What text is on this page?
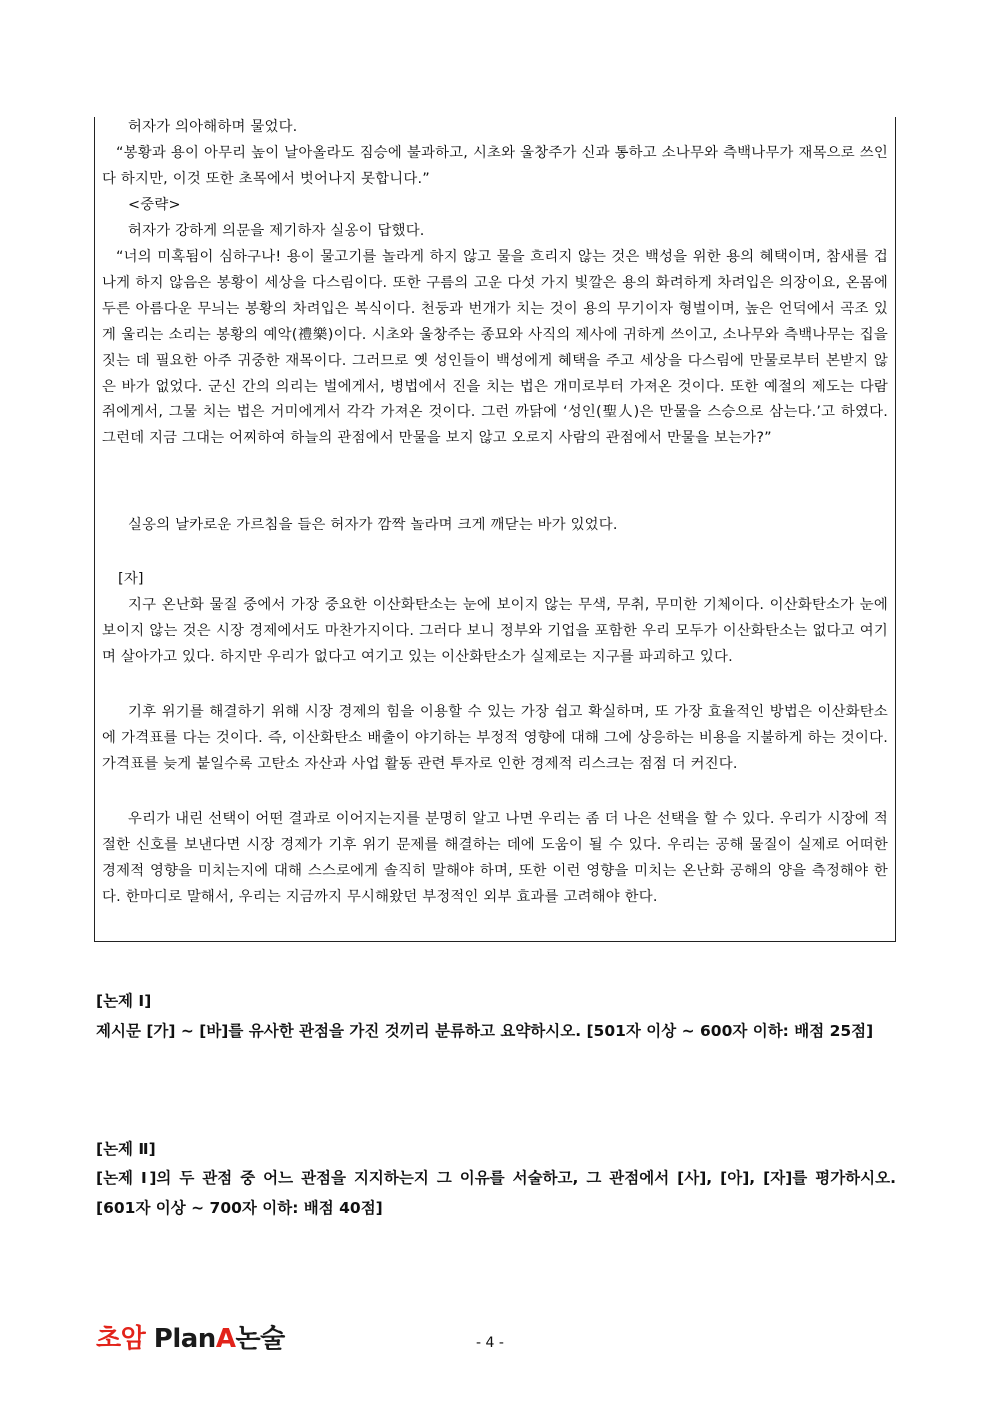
허자가 의아해하며 물었다.

“봉황과 용이 아무리 높이 날아올라도 짐승에 불과하고, 시초와 울창주가 신과 통하고 소나무와 측백나무가 재목으로 쓰인다 하지만, 이것 또한 초목에서 벗어나지 못합니다.”

<중략>

허자가 강하게 의문을 제기하자 실옹이 답했다.

“너의 미혹됨이 심하구나! 용이 물고기를 놀라게 하지 않고 물을 흐리지 않는 것은 백성을 위한 용의 혜택이며, 참새를 겁나게 하지 않음은 봉황이 세상을 다스림이다. 또한 구름의 고운 다섯 가지 빛깔은 용의 화려하게 차려입은 의장이요, 온몸에 두른 아름다운 무늬는 봉황의 차려입은 복식이다. 천둥과 번개가 치는 것이 용의 무기이자 형벌이며, 높은 언덕에서 곡조 있게 울리는 소리는 봉황의 예악(禮樂)이다. 시초와 울창주는 종묘와 사직의 제사에 귀하게 쓰이고, 소나무와 측백나무는 집을 짓는 데 필요한 아주 귀중한 재목이다. 그러므로 옛 성인들이 백성에게 혜택을 주고 세상을 다스림에 만물로부터 본받지 않은 바가 없었다. 군신 간의 의리는 벌에게서, 병법에서 진을 치는 법은 개미로부터 가져온 것이다. 또한 예절의 제도는 다람쥐에게서, 그물 치는 법은 거미에게서 각각 가져온 것이다. 그런 까닭에 ‘성인(聖人)은 만물을 스승으로 삼는다.’고 하였다. 그런데 지금 그대는 어찌하여 하늘의 관점에서 만물을 보지 않고 오로지 사람의 관점에서 만물을 보는가?”

실옹의 날카로운 가르침을 들은 허자가 깜짝 놀라며 크게 깨닫는 바가 있었다.

[자]

지구 온난화 물질 중에서 가장 중요한 이산화탄소는 눈에 보이지 않는 무색, 무취, 무미한 기체이다. 이산화탄소가 눈에 보이지 않는 것은 시장 경제에서도 마찬가지이다. 그러다 보니 정부와 기업을 포함한 우리 모두가 이산화탄소는 없다고 여기며 살아가고 있다. 하지만 우리가 없다고 여기고 있는 이산화탄소가 실제로는 지구를 파괴하고 있다.

기후 위기를 해결하기 위해 시장 경제의 힘을 이용할 수 있는 가장 쉽고 확실하며, 또 가장 효율적인 방법은 이산화탄소에 가격표를 다는 것이다. 즉, 이산화탄소 배출이 야기하는 부정적 영향에 대해 그에 상응하는 비용을 지불하게 하는 것이다. 가격표를 늦게 붙일수록 고탄소 자산과 사업 활동 관련 투자로 인한 경제적 리스크는 점점 더 커진다.

우리가 내린 선택이 어떤 결과로 이어지는지를 분명히 알고 나면 우리는 좀 더 나은 선택을 할 수 있다. 우리가 시장에 적절한 신호를 보낸다면 시장 경제가 기후 위기 문제를 해결하는 데에 도움이 될 수 있다. 우리는 공해 물질이 실제로 어떠한 경제적 영향을 미치는지에 대해 스스로에게 솔직히 말해야 하며, 또한 이런 영향을 미치는 온난화 공해의 양을 측정해야 한다. 한마디로 말해서, 우리는 지금까지 무시해왔던 부정적인 외부 효과를 고려해야 한다.

[논제 Ⅰ]

제시문 [가] ~ [바]를 유사한 관점을 가진 것끼리 분류하고 요약하시오. [501자 이상 ~ 600자 이하: 배점 25점]

[논제 Ⅱ]

[논제 Ⅰ]의 두 관점 중 어느 관점을 지지하는지 그 이유를 서술하고, 그 관점에서 [사], [아], [자]를 평가하시오. [601자 이상 ~ 700자 이하: 배점 40점]

초암 PlanA논술	- 4 -
